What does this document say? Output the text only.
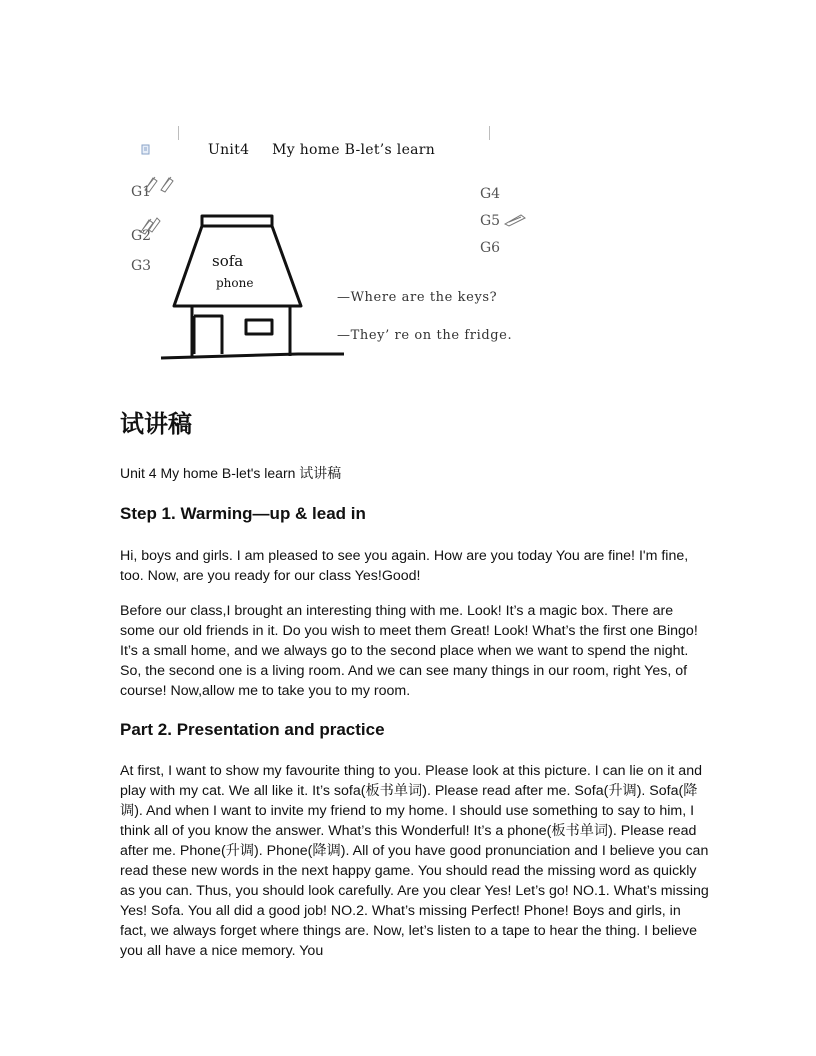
Unit4 My home B-let’s learn
G1
G2
G3
G4
G5
G6
sofa
phone
—Where are the keys?
—They’ re on the fridge.
试讲稿

Unit 4 My home B-let's learn 试讲稿

Step 1. Warming—up & lead in

Hi, boys and girls. I am pleased to see you again. How are you today You are fine! I'm fine, too. Now, are you ready for our class Yes!Good!

Before our class,I brought an interesting thing with me. Look! It’s a magic box. There are some our old friends in it. Do you wish to meet them Great! Look! What’s the first one Bingo! It’s a small home, and we always go to the second place when we want to spend the night. So, the second one is a living room. And we can see many things in our room, right Yes, of course! Now,allow me to take you to my room.

Part 2. Presentation and practice

At first, I want to show my favourite thing to you. Please look at this picture. I can lie on it and play with my cat. We all like it. It’s sofa(板书单词). Please read after me. Sofa(升调). Sofa(降调). And when I want to invite my friend to my home. I should use something to say to him, I think all of you know the answer. What’s this Wonderful! It’s a phone(板书单词). Please read after me. Phone(升调). Phone(降调). All of you have good pronunciation and I believe you can read these new words in the next happy game. You should read the missing word as quickly as you can. Thus, you should look carefully. Are you clear Yes! Let’s go! NO.1. What’s missing Yes! Sofa. You all did a good job! NO.2. What’s missing Perfect! Phone! Boys and girls, in fact, we always forget where things are. Now, let’s listen to a tape to hear the thing. I believe you all have a nice memory. You
